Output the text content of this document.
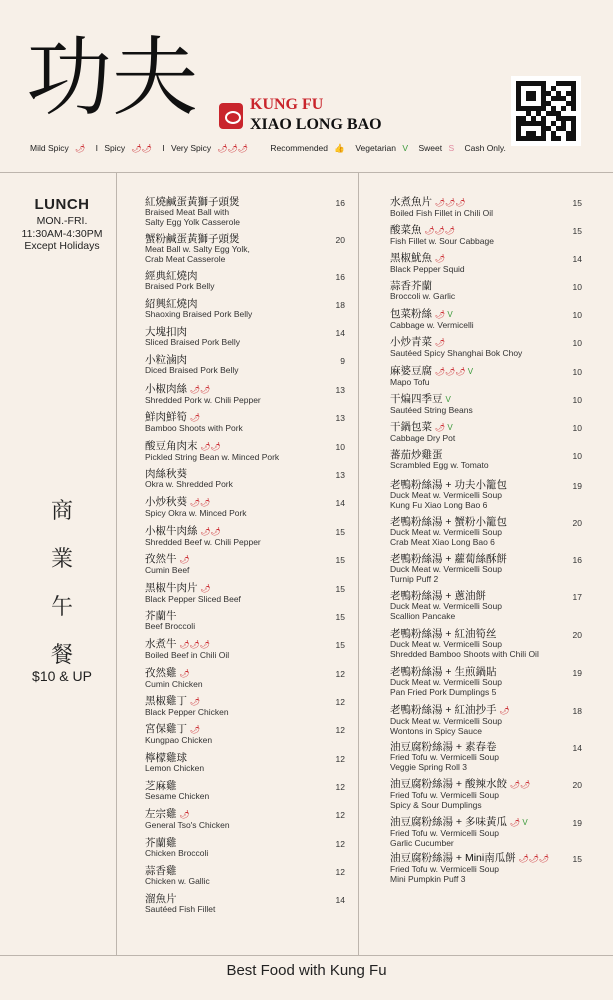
功夫	KUNG FU
XIAO LONG BAO
Mild Spicy 🌶 I Spicy 🌶🌶 I Very Spicy 🌶🌶🌶	Recommended 👍 Vegetarian V Sweet S Cash Only.
LUNCH

MON.-FRI.

11:30AM-4:30PM

Except Holidays

商
業
午
餐
$10 & UP
紅燒鹹蛋黃獅子頭煲
Braised Meat Ball with
Salty Egg Yolk Casserole
16
蟹粉鹹蛋黃獅子頭煲
Meat Ball w. Salty Egg Yolk,
Crab Meat Casserole
20
經典紅燒肉
Braised Pork Belly
16
紹興紅燒肉
Shaoxing Braised Pork Belly
18
大塊扣肉
Sliced Braised Pork Belly
14
小粒滷肉
Diced Braised Pork Belly
9
小椒肉絲 🌶🌶
Shredded Pork w. Chili Pepper
13
鮮肉鮮筍 🌶
Bamboo Shoots with Pork
13
酸豆角肉末 🌶🌶
Pickled String Bean w. Minced Pork
10
肉絲秋葵
Okra w. Shredded Pork
13
小炒秋葵 🌶🌶
Spicy Okra w. Minced Pork
14
小椒牛肉絲 🌶🌶
Shredded Beef w. Chili Pepper
15
孜然牛 🌶
Cumin Beef
15
黑椒牛肉片 🌶
Black Pepper Sliced Beef
15
芥蘭牛
Beef Broccoli
15
水煮牛 🌶🌶🌶
Boiled Beef in Chili Oil
15
孜然雞 🌶
Cumin Chicken
12
黑椒雞丁 🌶
Black Pepper Chicken
12
宮保雞丁 🌶
Kungpao Chicken
12
檸檬雞球
Lemon Chicken
12
芝麻雞
Sesame Chicken
12
左宗雞 🌶
General Tso's Chicken
12
芥蘭雞
Chicken Broccoli
12
蒜香雞
Chicken w. Gallic
12
溜魚片
Sautéed Fish Fillet
14
水煮魚片 🌶🌶🌶
Boiled Fish Fillet in Chili Oil
15
酸菜魚 🌶🌶🌶
Fish Fillet w. Sour Cabbage
15
黑椒魷魚 🌶
Black Pepper Squid
14
蒜香芥蘭
Broccoli w. Garlic
10
包菜粉絲 🌶 V
Cabbage w. Vermicelli
10
小炒青菜 🌶
Sautéed Spicy Shanghai Bok Choy
10
麻婆豆腐 🌶🌶🌶 V
Mapo Tofu
10
干煸四季豆 V
Sautéed String Beans
10
干鍋包菜 🌶 V
Cabbage Dry Pot
10
蕃茄炒雞蛋
Scrambled Egg w. Tomato
10
老鴨粉絲湯 + 功夫小籠包
Duck Meat w. Vermicelli Soup
Kung Fu Xiao Long Bao 6
19
老鴨粉絲湯 + 蟹粉小籠包
Duck Meat w. Vermicelli Soup
Crab Meat Xiao Long Bao 6
20
老鴨粉絲湯 + 蘿蔔絲酥餅
Duck Meat w. Vermicelli Soup
Turnip Puff 2
16
老鴨粉絲湯 + 蔥油餅
Duck Meat w. Vermicelli Soup
Scallion Pancake
17
老鴨粉絲湯 + 紅油筍丝
Duck Meat w. Vermicelli Soup
Shredded Bamboo Shoots with Chili Oil
20
老鴨粉絲湯 + 生煎鍋貼
Duck Meat w. Vermicelli Soup
Pan Fried Pork Dumplings 5
19
老鴨粉絲湯 + 紅油抄手 🌶
Duck Meat w. Vermicelli Soup
Wontons in Spicy Sauce
18
油豆腐粉絲湯 + 素春卷
Fried Tofu w. Vermicelli Soup
Veggie Spring Roll 3
14
油豆腐粉絲湯 + 酸辣水餃 🌶🌶
Fried Tofu w. Vermicelli Soup
Spicy & Sour Dumplings
20
油豆腐粉絲湯 + 多味黃瓜 🌶 V
Fried Tofu w. Vermicelli Soup
Garlic Cucumber
19
油豆腐粉絲湯 + Mini南瓜餅 🌶🌶🌶
Fried Tofu w. Vermicelli Soup
Mini Pumpkin Puff 3
15
Best Food with Kung Fu
